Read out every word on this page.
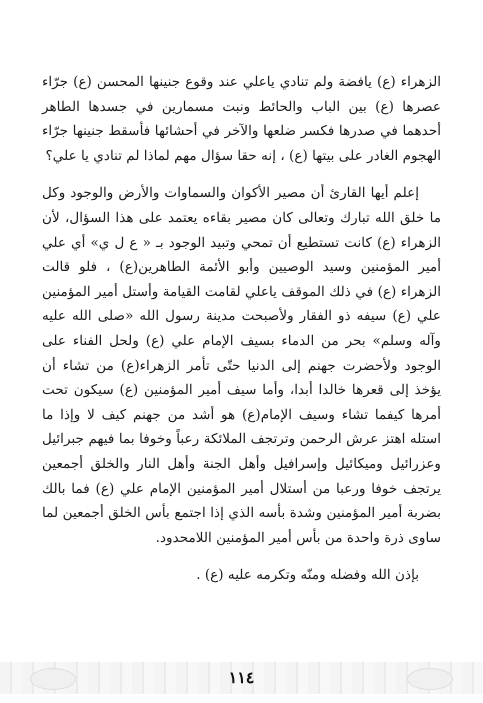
الزهراء (ع) يافضة ولم تنادي ياعلي عند وقوع جنينها المحسن (ع) جرّاء عصرها (ع) بين الباب والحائط ونبت مسمارين في جسدها الطاهر أحدهما في صدرها فكسر ضلعها والآخر في أحشائها فأسقط جنينها جرّاء الهجوم الغادر على بيتها (ع) ، إنه حقا سؤال مهم لماذا لم تنادي يا علي؟

إعلم أيها القارئ أن مصير الأكوان والسماوات والأرض والوجود وكل ما خلق الله تبارك وتعالى كان مصير بقاءه يعتمد على هذا السؤال، لأن الزهراء (ع) كانت تستطيع أن تمحي وتبيد الوجود بـ « ع ل ي» أي علي أمير المؤمنين وسيد الوصيين وأبو الأئمة الطاهرين(ع) ، فلو قالت الزهراء (ع) في ذلك الموقف ياعلي لقامت القيامة وأستل أمير المؤمنين علي (ع) سيفه ذو الفقار ولأصبحت مدينة رسول الله «صلى الله عليه وآله وسلم» بحر من الدماء بسيف الإمام علي (ع) ولحل الفناء على الوجود ولأحضرت جهنم إلى الدنيا حتّى تأمر الزهراء(ع) من تشاء أن يؤخذ إلى قعرها خالدا أبدا، وأما سيف أمير المؤمنين (ع) سيكون تحت أمرها كيفما تشاء وسيف الإمام(ع) هو أشد من جهنم كيف لا وإذا ما استله اهتز عرش الرحمن وترتجف الملائكة رعباً وخوفا بما فيهم جبرائيل وعزرائيل وميكائيل وإسرافيل وأهل الجنة وأهل النار والخلق أجمعين يرتجف خوفا ورعبا من أستلال أمير المؤمنين الإمام علي (ع) فما بالك بضربة أمير المؤمنين وشدة بأسه الذي إذا اجتمع بأس الخلق أجمعين لما ساوى ذرة واحدة من بأس أمير المؤمنين اللامحدود.

بإذن الله وفضله ومنّه وتكرمه عليه (ع) .

١١٤
